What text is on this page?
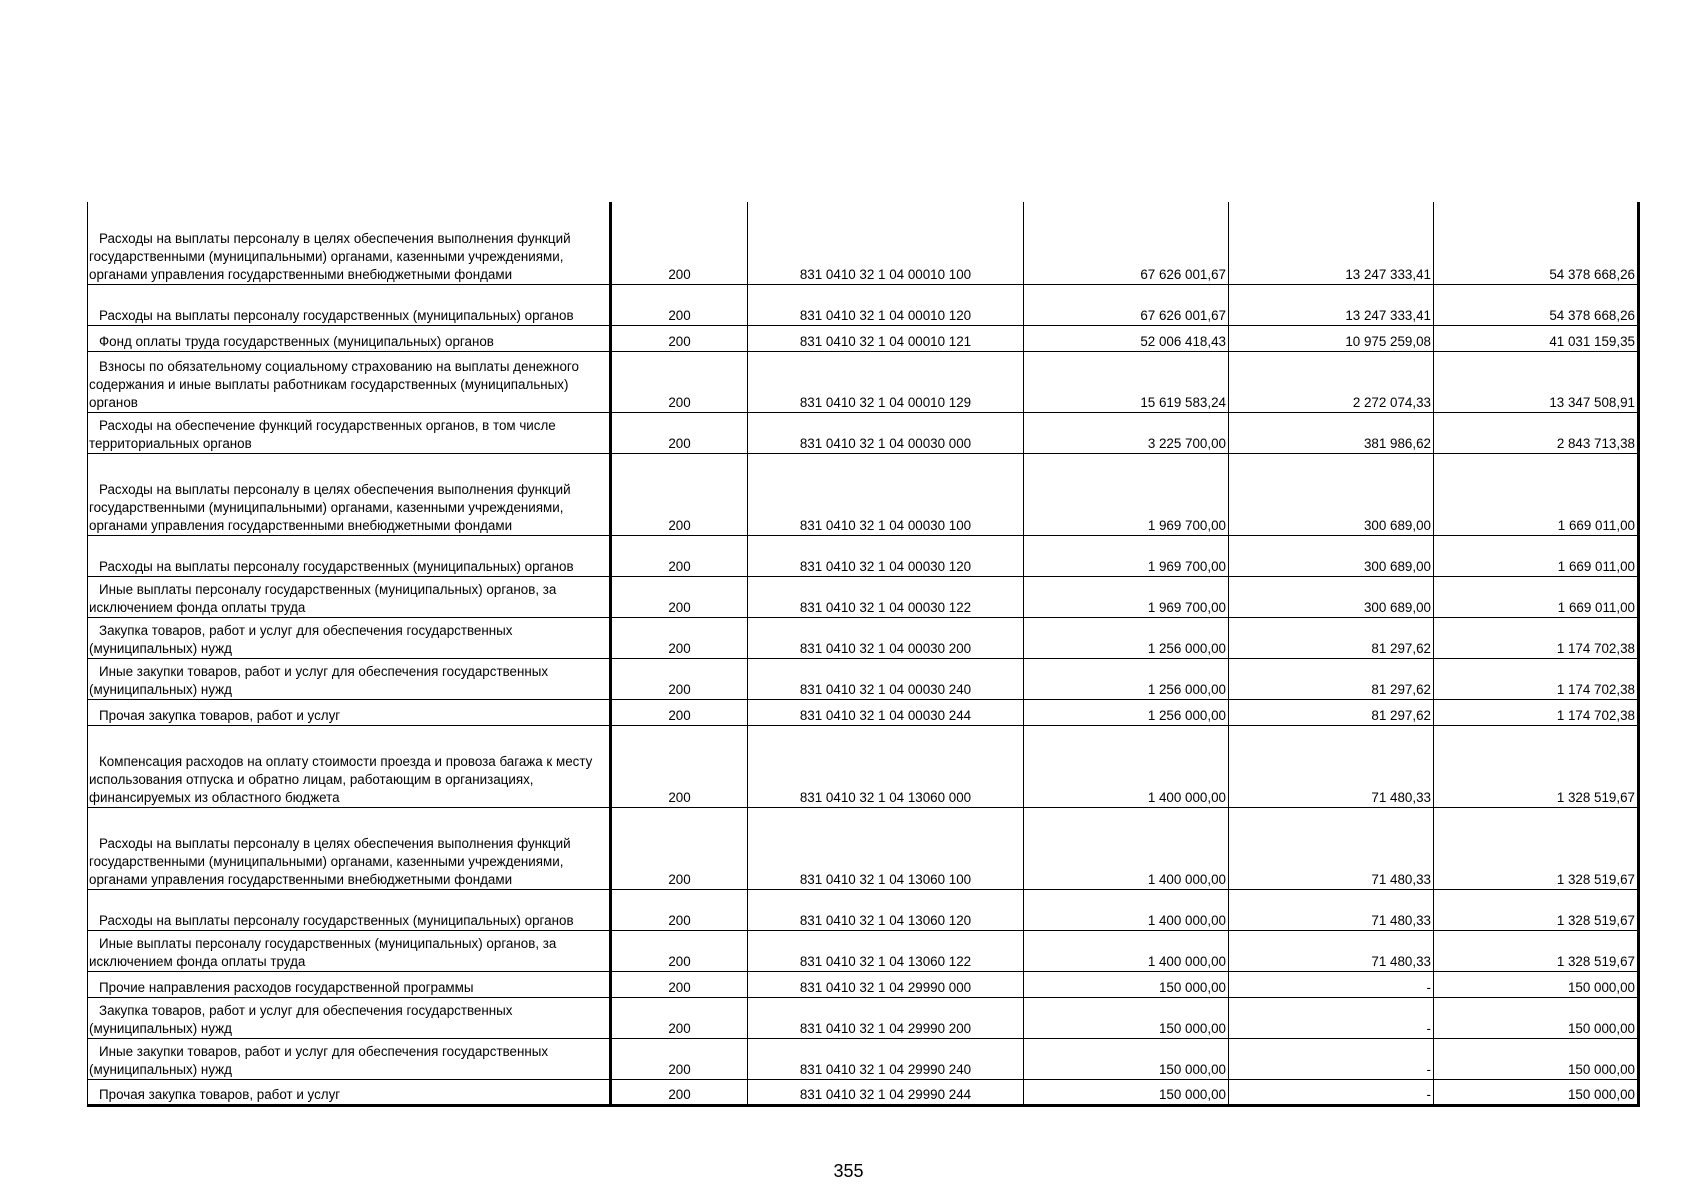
Расходы на выплаты персоналу в целях обеспечения выполнения функций государственными (муниципальными) органами, казенными учреждениями, органами управления государственными внебюджетными фондами	200	831 0410 32 1 04 00010 100	67 626 001,67	13 247 333,41	54 378 668,26
Расходы на выплаты персоналу государственных (муниципальных) органов	200	831 0410 32 1 04 00010 120	67 626 001,67	13 247 333,41	54 378 668,26
Фонд оплаты труда государственных (муниципальных) органов	200	831 0410 32 1 04 00010 121	52 006 418,43	10 975 259,08	41 031 159,35
Взносы по обязательному социальному страхованию на выплаты денежного содержания и иные выплаты работникам государственных (муниципальных) органов	200	831 0410 32 1 04 00010 129	15 619 583,24	2 272 074,33	13 347 508,91
Расходы на обеспечение функций государственных органов, в том числе территориальных органов	200	831 0410 32 1 04 00030 000	3 225 700,00	381 986,62	2 843 713,38
Расходы на выплаты персоналу в целях обеспечения выполнения функций государственными (муниципальными) органами, казенными учреждениями, органами управления государственными внебюджетными фондами	200	831 0410 32 1 04 00030 100	1 969 700,00	300 689,00	1 669 011,00
Расходы на выплаты персоналу государственных (муниципальных) органов	200	831 0410 32 1 04 00030 120	1 969 700,00	300 689,00	1 669 011,00
Иные выплаты персоналу государственных (муниципальных) органов, за исключением фонда оплаты труда	200	831 0410 32 1 04 00030 122	1 969 700,00	300 689,00	1 669 011,00
Закупка товаров, работ и услуг для обеспечения государственных (муниципальных) нужд	200	831 0410 32 1 04 00030 200	1 256 000,00	81 297,62	1 174 702,38
Иные закупки товаров, работ и услуг для обеспечения государственных (муниципальных) нужд	200	831 0410 32 1 04 00030 240	1 256 000,00	81 297,62	1 174 702,38
Прочая закупка товаров, работ и услуг	200	831 0410 32 1 04 00030 244	1 256 000,00	81 297,62	1 174 702,38
Компенсация расходов на оплату стоимости проезда и провоза багажа к месту использования отпуска и обратно лицам, работающим в организациях, финансируемых из областного бюджета	200	831 0410 32 1 04 13060 000	1 400 000,00	71 480,33	1 328 519,67
Расходы на выплаты персоналу в целях обеспечения выполнения функций государственными (муниципальными) органами, казенными учреждениями, органами управления государственными внебюджетными фондами	200	831 0410 32 1 04 13060 100	1 400 000,00	71 480,33	1 328 519,67
Расходы на выплаты персоналу государственных (муниципальных) органов	200	831 0410 32 1 04 13060 120	1 400 000,00	71 480,33	1 328 519,67
Иные выплаты персоналу государственных (муниципальных) органов, за исключением фонда оплаты труда	200	831 0410 32 1 04 13060 122	1 400 000,00	71 480,33	1 328 519,67
Прочие направления расходов государственной программы	200	831 0410 32 1 04 29990 000	150 000,00	-	150 000,00
Закупка товаров, работ и услуг для обеспечения государственных (муниципальных) нужд	200	831 0410 32 1 04 29990 200	150 000,00	-	150 000,00
Иные закупки товаров, работ и услуг для обеспечения государственных (муниципальных) нужд	200	831 0410 32 1 04 29990 240	150 000,00	-	150 000,00
Прочая закупка товаров, работ и услуг	200	831 0410 32 1 04 29990 244	150 000,00	-	150 000,00
355
